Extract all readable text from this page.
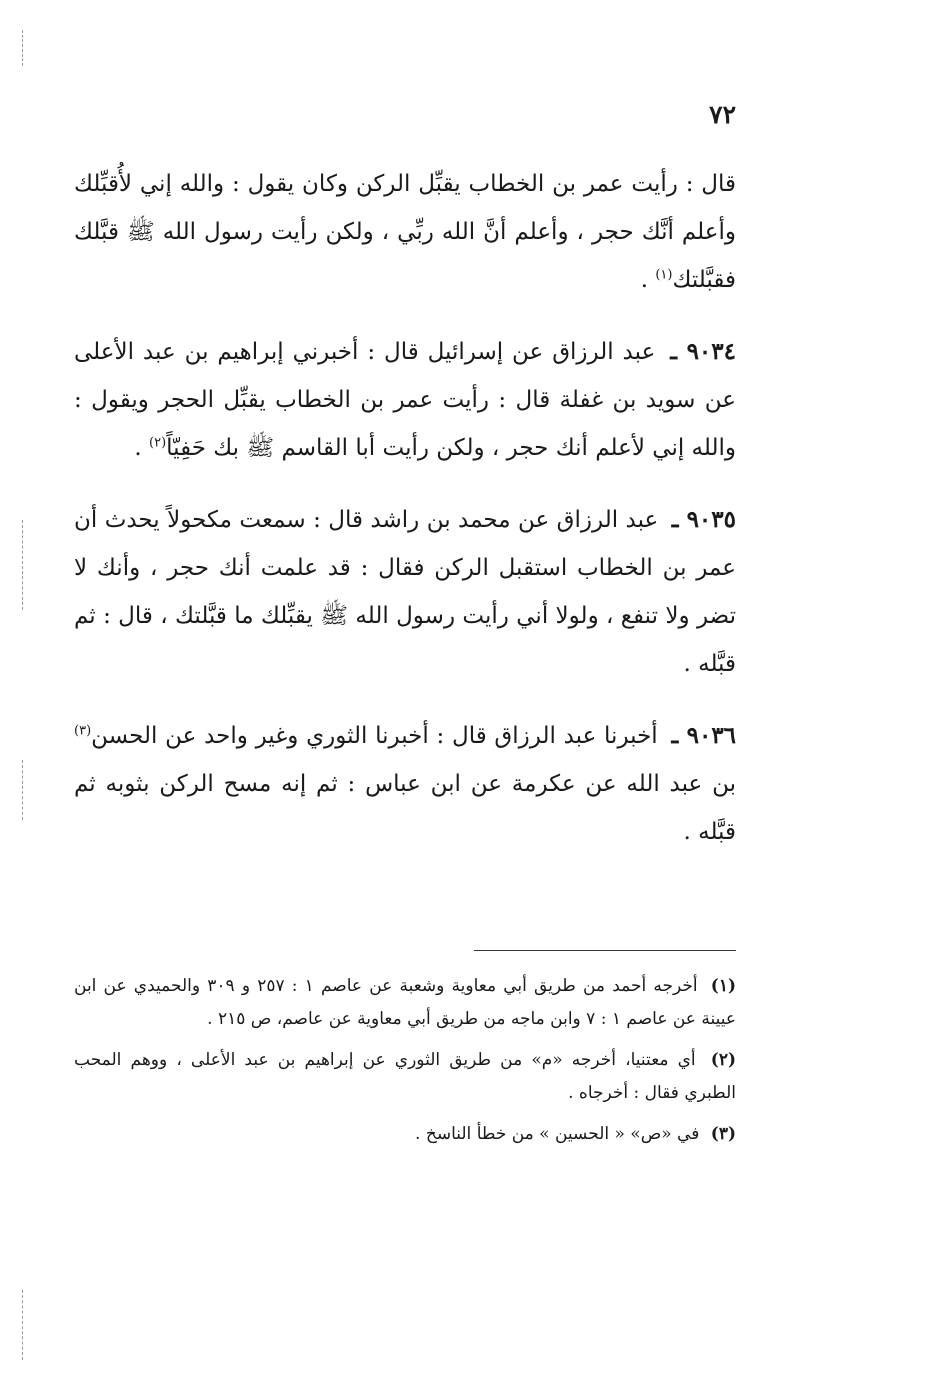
٧٢

قال : رأيت عمر بن الخطاب يقبِّل الركن وكان يقول : والله إني لأُقبِّلك وأعلم أنَّك حجر ، وأعلم أنَّ الله ربِّي ، ولكن رأيت رسول الله ﷺ قبَّلك فقبَّلتك$^{(١)}$ .

٩٠٣٤ ـ عبد الرزاق عن إسرائيل قال : أخبرني إبراهيم بن عبد الأعلى عن سويد بن غفلة قال : رأيت عمر بن الخطاب يقبِّل الحجر ويقول : والله إني لأعلم أنك حجر ، ولكن رأيت أبا القاسم ﷺ بك حَفِيّاً$^{(٢)}$ .

٩٠٣٥ ـ عبد الرزاق عن محمد بن راشد قال : سمعت مكحولاً يحدث أن عمر بن الخطاب استقبل الركن فقال : قد علمت أنك حجر ، وأنك لا تضر ولا تنفع ، ولولا أني رأيت رسول الله ﷺ يقبِّلك ما قبَّلتك ، قال : ثم قبَّله .

٩٠٣٦ ـ أخبرنا عبد الرزاق قال : أخبرنا الثوري وغير واحد عن الحسن$^{(٣)}$ بن عبد الله عن عكرمة عن ابن عباس : ثم إنه مسح الركن بثوبه ثم قبَّله .

(١) أخرجه أحمد من طريق أبي معاوية وشعبة عن عاصم ١ : ٢٥٧ و ٣٠٩ والحميدي عن ابن عيينة عن عاصم ١ : ٧ وابن ماجه من طريق أبي معاوية عن عاصم، ص ٢١٥ .

(٢) أي معتنيا، أخرجه «م» من طريق الثوري عن إبراهيم بن عبد الأعلى ، ووهم المحب الطبري فقال : أخرجاه .

(٣) في «ص» « الحسين » من خطأ الناسخ .
